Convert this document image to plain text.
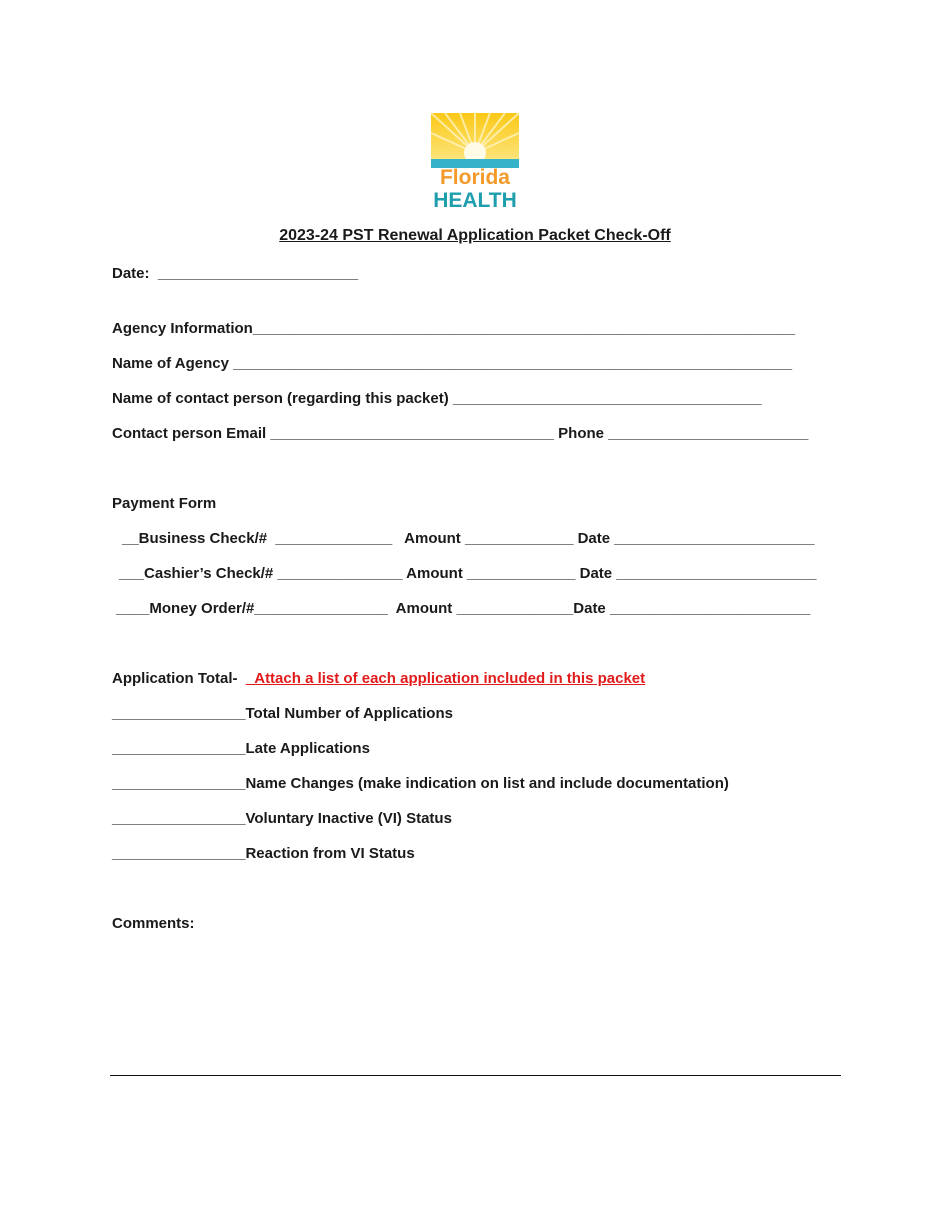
Florida
HEALTH
2023-24 PST Renewal Application Packet Check-Off
Date:  ________________________
Agency Information_________________________________________________________________
Name of Agency ___________________________________________________________________
Name of contact person (regarding this packet) _____________________________________
Contact person Email __________________________________ Phone ________________________
Payment Form
__Business Check/#  ______________   Amount _____________ Date ________________________
___Cashier’s Check/# _______________ Amount _____________ Date ________________________
____Money Order/#________________  Amount ______________Date ________________________
Application Total-  _Attach a list of each application included in this packet
________________Total Number of Applications
________________Late Applications
________________Name Changes (make indication on list and include documentation)
________________Voluntary Inactive (VI) Status
________________Reaction from VI Status
Comments:
